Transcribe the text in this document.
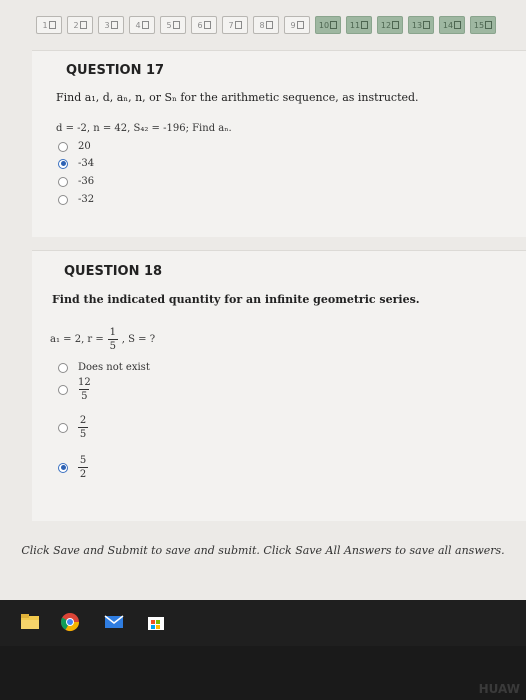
1	2	3	4	5	6	7	8	9	10	11	12	13	14	15
QUESTION 17
Find a₁, d, aₙ, n, or Sₙ for the arithmetic sequence, as instructed.
d = -2, n = 42, S₄₂ = -196; Find aₙ.
20
-34
-36
-32
QUESTION 18
Find the indicated quantity for an infinite geometric series.
a₁ = 2, $r = \frac{1}{5}$ , S = ?
Does not exist
$\frac{12}{5}$
$\frac{2}{5}$
$\frac{5}{2}$
Click Save and Submit to save and submit. Click Save All Answers to save all answers.
HUAW
